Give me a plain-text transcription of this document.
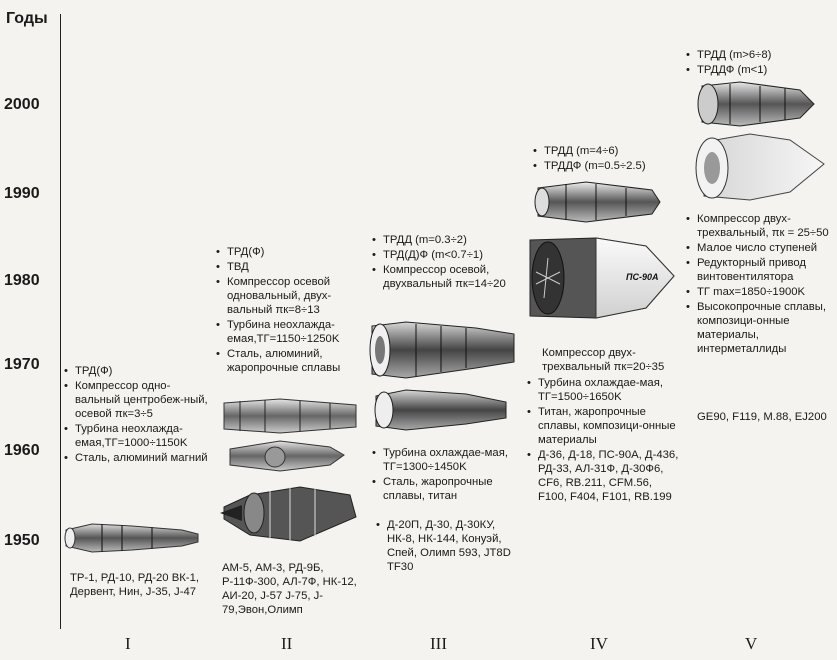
Годы
2000
1990
1980
1970
1960
1950
I	II	III	IV	V
• ТРД(Ф)
• Компрессор одно-вальный центробеж-ный, осевой πк=3÷5
• Турбина неохлажда-емая,TГ=1000÷1150K
• Сталь, алюминий магний
ТР-1, РД-10, РД-20 ВК-1, Дервент, Нин, J-35, J-47
• ТРД(Ф)
• ТВД
• Компрессор осевой одновальный, двух-вальный πк=8÷13
• Турбина неохлажда-емая,TГ=1150÷1250K
• Сталь, алюминий, жаропрочные сплавы
АМ-5, АМ-3, РД-9Б, Р-11Ф-300, АЛ-7Ф, НК-12, АИ-20, J-57 J-75, J-79,Эвон,Олимп
• ТРДД (m=0.3÷2)
• ТРД(Д)Ф (m<0.7÷1)
• Компрессор осевой, двухвальный πк=14÷20
• Турбина охлаждае-мая, TГ=1300÷1450K
• Сталь, жаропрочные сплавы, титан
• Д-20П, Д-30, Д-30КУ, НК-8, НК-144, Конуэй, Спей, Олимп 593, JT8D TF30
• ТРДД (m=4÷6)
• ТРДДФ (m=0.5÷2.5)
ПС-90А
Компрессор двух-трехвальный πк=20÷35
• Турбина охлаждае-мая, TГ=1500÷1650K
• Титан, жаропрочные сплавы, композици-онные материалы
• Д-36, Д-18, ПС-90А, Д-436, РД-33, АЛ-31Ф, Д-30Ф6, CF6, RB.211, CFM.56, F100, F404, F101, RB.199
• ТРДД (m>6÷8)
• ТРДДФ (m<1)
• Компрессор двух-трехвальный, πк = 25÷50
• Малое число ступеней
• Редукторный привод винтовентилятора
• TГ max=1850÷1900K
• Высокопрочные сплавы, композици-онные материалы, интерметаллиды
GE90, F119, M.88, EJ200
